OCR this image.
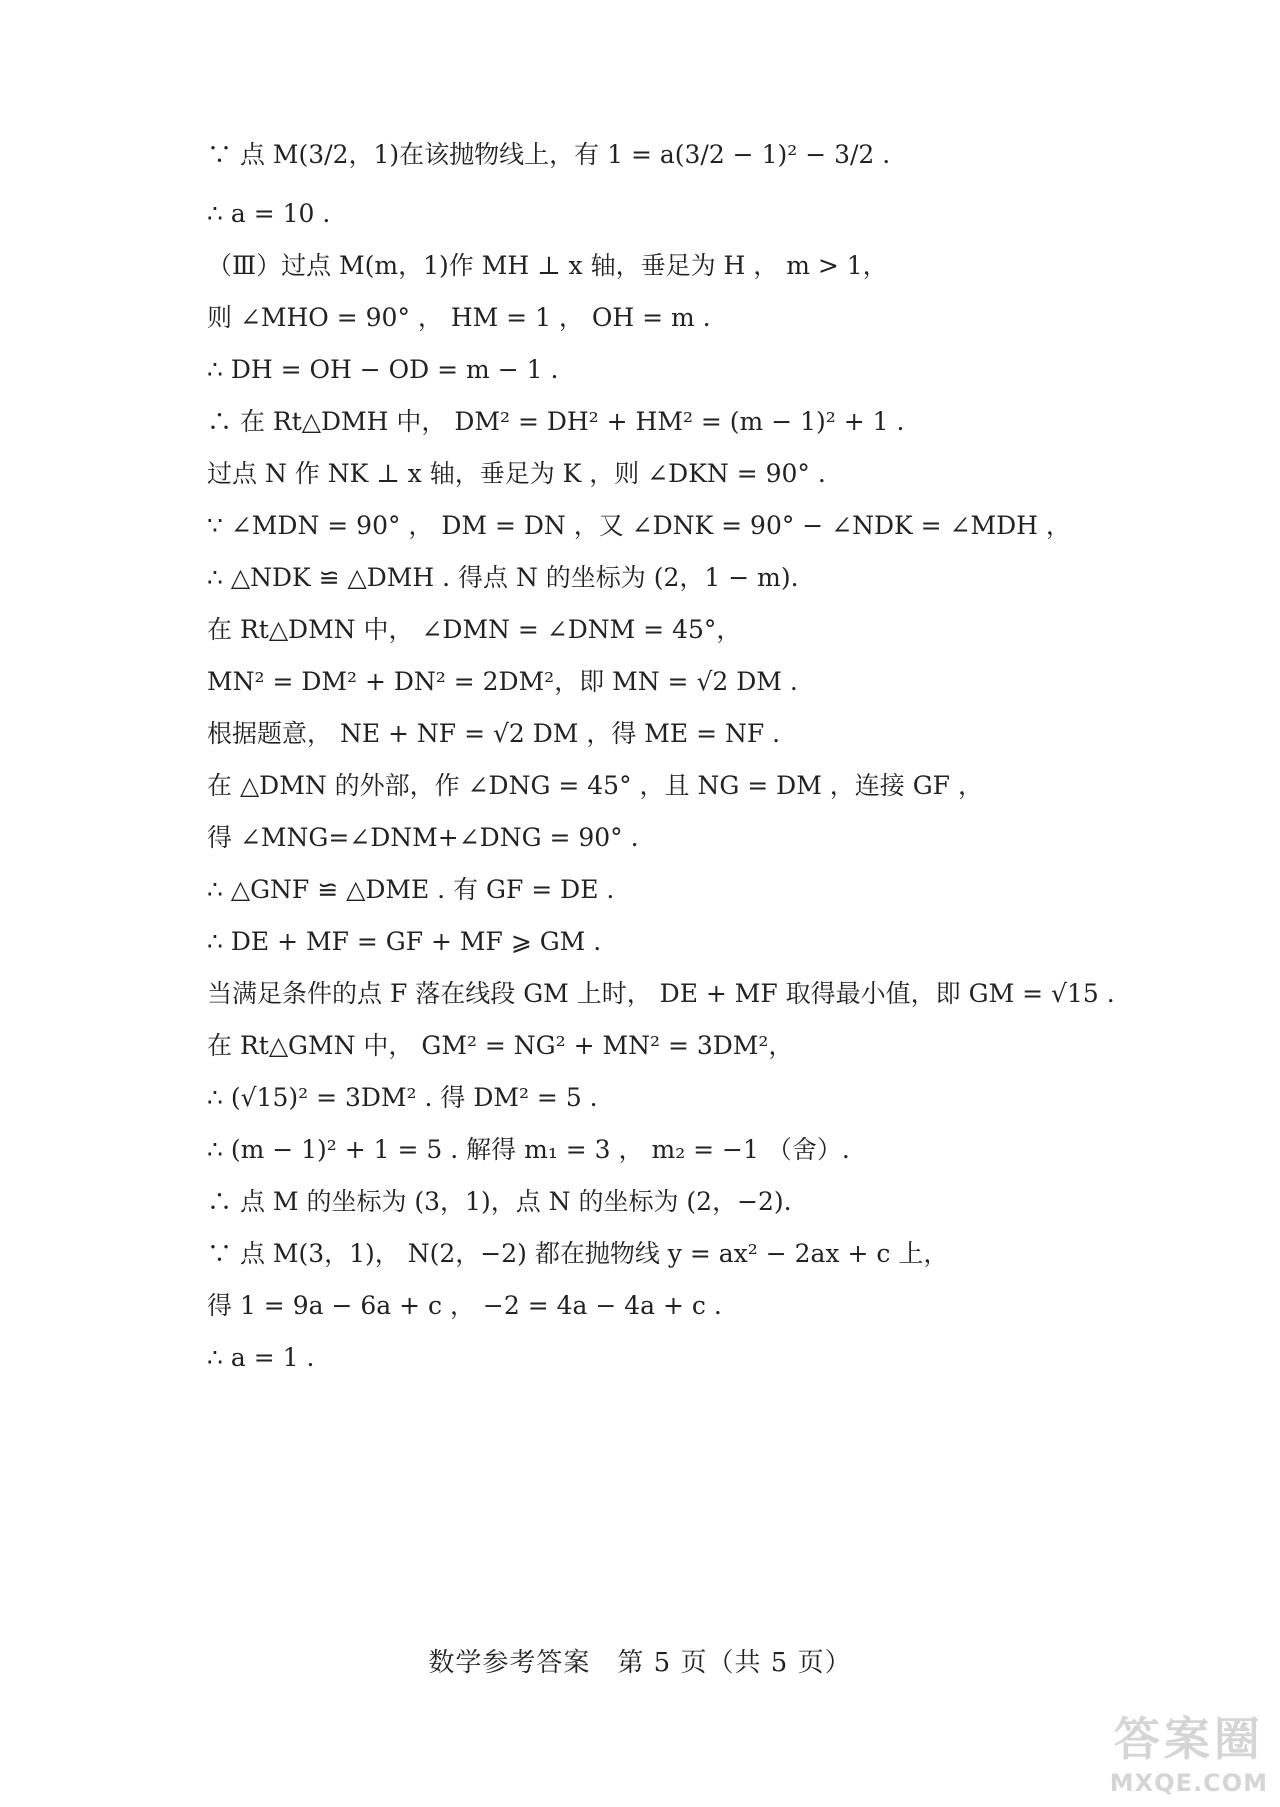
∵ 点 M(3/2，1)在该抛物线上，有 1 = a(3/2 − 1)² − 3/2 .
∴ a = 10 .
（Ⅲ）过点 M(m，1)作 MH ⊥ x 轴，垂足为 H ， m > 1，
则 ∠MHO = 90° ， HM = 1 ， OH = m .
∴ DH = OH − OD = m − 1 .
∴ 在 Rt△DMH 中， DM² = DH² + HM² = (m − 1)² + 1 .
过点 N 作 NK ⊥ x 轴，垂足为 K ，则 ∠DKN = 90° .
∵ ∠MDN = 90° ， DM = DN ，又 ∠DNK = 90° − ∠NDK = ∠MDH ，
∴ △NDK ≌ △DMH . 得点 N 的坐标为 (2，1 − m).
在 Rt△DMN 中， ∠DMN = ∠DNM = 45°，
MN² = DM² + DN² = 2DM²，即 MN = √2 DM .
根据题意， NE + NF = √2 DM ，得 ME = NF .
在 △DMN 的外部，作 ∠DNG = 45° ，且 NG = DM ，连接 GF ，
得 ∠MNG=∠DNM+∠DNG = 90° .
∴ △GNF ≌ △DME . 有 GF = DE .
∴ DE + MF = GF + MF ⩾ GM .
当满足条件的点 F 落在线段 GM 上时， DE + MF 取得最小值，即 GM = √15 .
在 Rt△GMN 中， GM² = NG² + MN² = 3DM²，
∴ (√15)² = 3DM² . 得 DM² = 5 .
∴ (m − 1)² + 1 = 5 . 解得 m₁ = 3 ， m₂ = −1 （舍）.
∴ 点 M 的坐标为 (3，1)，点 N 的坐标为 (2，−2).
∵ 点 M(3，1)， N(2，−2) 都在抛物线 y = ax² − 2ax + c 上，
得 1 = 9a − 6a + c ， −2 = 4a − 4a + c .
∴ a = 1 .
数学参考答案　第 5 页（共 5 页）
答案圈
MXQE.COM
